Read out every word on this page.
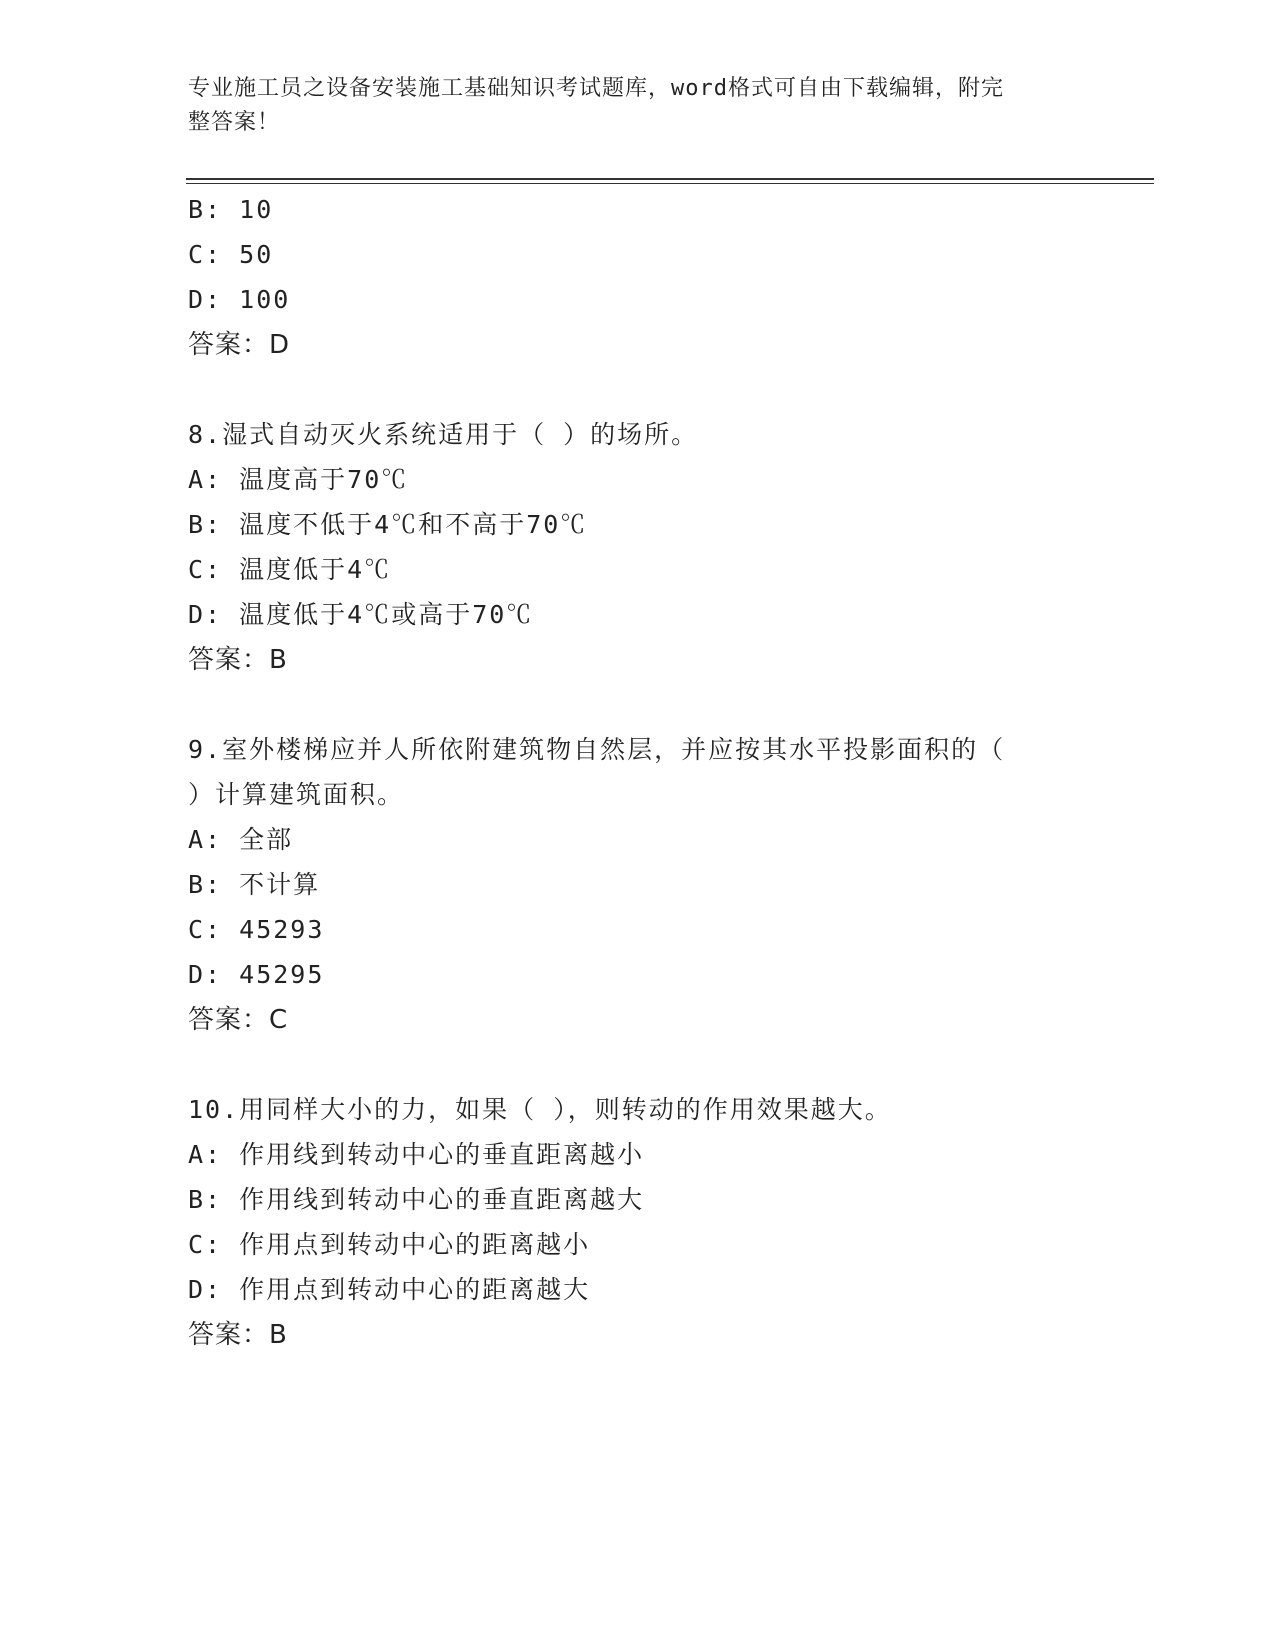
专业施工员之设备安装施工基础知识考试题库，word格式可自由下载编辑，附完
整答案！
B: 10
C: 50
D: 100
答案：D
8.湿式自动灭火系统适用于（ ）的场所。
A: 温度高于70℃
B: 温度不低于4℃和不高于70℃
C: 温度低于4℃
D: 温度低于4℃或高于70℃
答案：B
9.室外楼梯应并人所依附建筑物自然层，并应按其水平投影面积的（
）计算建筑面积。
A: 全部
B: 不计算
C: 45293
D: 45295
答案：C
10.用同样大小的力，如果（ ），则转动的作用效果越大。
A: 作用线到转动中心的垂直距离越小
B: 作用线到转动中心的垂直距离越大
C: 作用点到转动中心的距离越小
D: 作用点到转动中心的距离越大
答案：B
